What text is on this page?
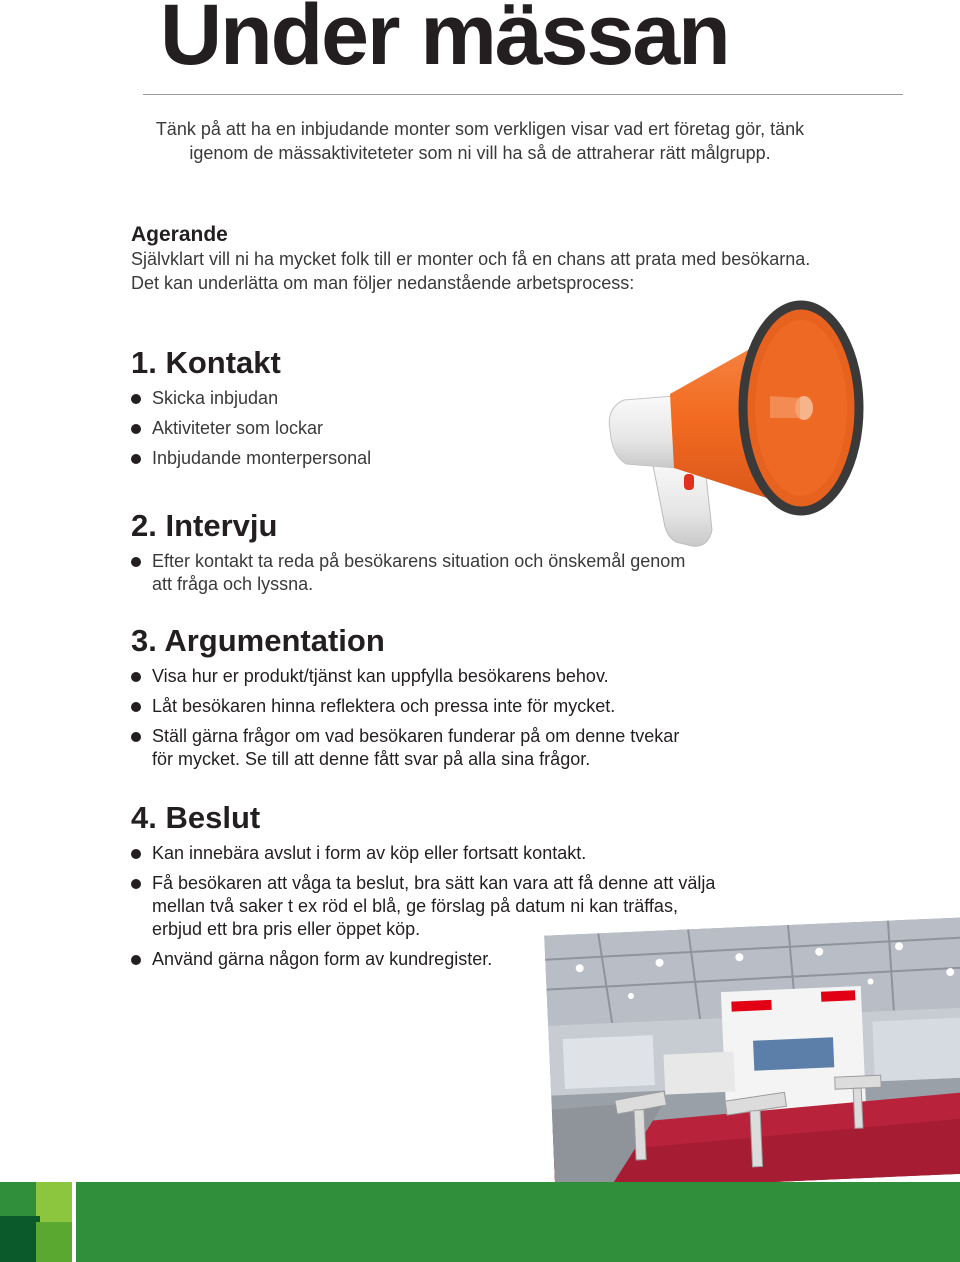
Under mässan

Tänk på att ha en inbjudande monter som verkligen visar vad ert företag gör, tänk igenom de mässaktiviteteter som ni vill ha så de attraherar rätt målgrupp.

Agerande

Självklart vill ni ha mycket folk till er monter och få en chans att prata med besökarna. Det kan underlätta om man följer nedanstående arbetsprocess:

1. Kontakt
Skicka inbjudan
Aktiviteter som lockar
Inbjudande monterpersonal
2. Intervju
Efter kontakt ta reda på besökarens situation och önskemål genom att fråga och lyssna.
3. Argumentation
Visa hur er produkt/tjänst kan uppfylla besökarens behov.
Låt besökaren hinna reflektera och pressa inte för mycket.
Ställ gärna frågor om vad besökaren funderar på om denne tvekar för mycket. Se till att denne fått svar på alla sina frågor.
4. Beslut
Kan innebära avslut i form av köp eller fortsatt kontakt.
Få besökaren att våga ta beslut, bra sätt kan vara att få denne att välja mellan två saker t ex röd el blå, ge förslag på datum ni kan träffas, erbjud ett bra pris eller öppet köp.
Använd gärna någon form av kundregister.
